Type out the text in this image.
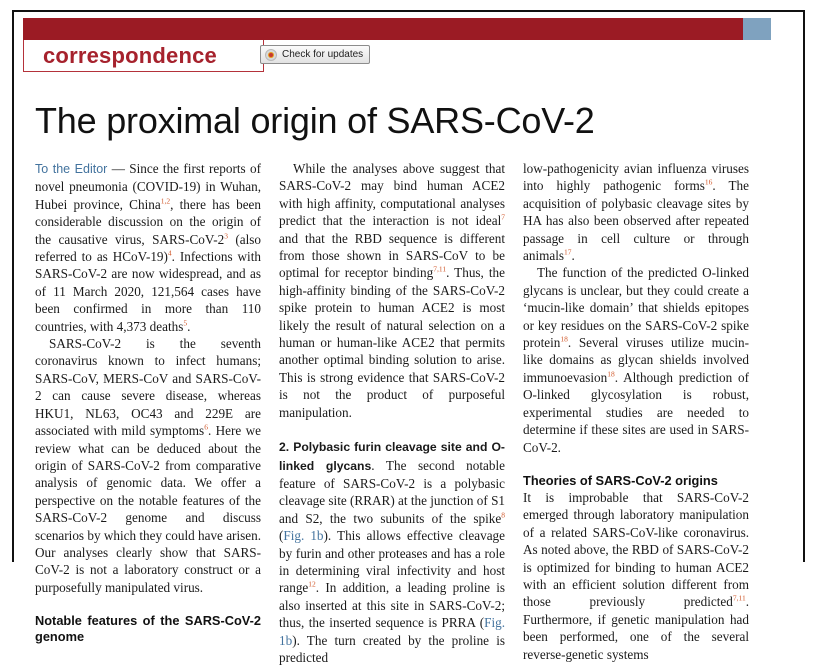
correspondence	Check for updates
The proximal origin of SARS-CoV-2

To the Editor — Since the first reports of novel pneumonia (COVID-19) in Wuhan, Hubei province, China$^{1,2}$, there has been considerable discussion on the origin of the causative virus, SARS-$CoV-2^3$ (also referred to as HCoV-19)$^4$. Infections with SARS-CoV-2 are now widespread, and as of 11 March 2020, 121,564 cases have been confirmed in more than 110 countries, with 4,373 deaths$^5$.

SARS-CoV-2 is the seventh coronavirus known to infect humans; SARS-CoV, MERS-CoV and SARS-CoV-2 can cause severe disease, whereas HKU1, NL63, OC43 and 229E are associated with mild symptoms$^6$. Here we review what can be deduced about the origin of SARS-CoV-2 from comparative analysis of genomic data. We offer a perspective on the notable features of the SARS-CoV-2 genome and discuss scenarios by which they could have arisen. Our analyses clearly show that SARS-CoV-2 is not a laboratory construct or a purposefully manipulated virus.

Notable features of the SARS-CoV-2 genome

While the analyses above suggest that SARS-CoV-2 may bind human ACE2 with high affinity, computational analyses predict that the interaction is not ideal$^7$ and that the RBD sequence is different from those shown in SARS-CoV to be optimal for receptor binding$^{7,11}$. Thus, the high-affinity binding of the SARS-CoV-2 spike protein to human ACE2 is most likely the result of natural selection on a human or human-like ACE2 that permits another optimal binding solution to arise. This is strong evidence that SARS-CoV-2 is not the product of purposeful manipulation.

2. Polybasic furin cleavage site and O-linked glycans. The second notable feature of SARS-CoV-2 is a polybasic cleavage site (RRAR) at the junction of S1 and S2, the two subunits of the spike$^8$ (Fig. 1b). This allows effective cleavage by furin and other proteases and has a role in determining viral infectivity and host range$^{12}$. In addition, a leading proline is also inserted at this site in SARS-CoV-2; thus, the inserted sequence is PRRA (Fig. 1b). The turn created by the proline is predicted

low-pathogenicity avian influenza viruses into highly pathogenic forms$^{16}$. The acquisition of polybasic cleavage sites by HA has also been observed after repeated passage in cell culture or through animals$^{17}$.

The function of the predicted O-linked glycans is unclear, but they could create a ‘mucin-like domain’ that shields epitopes or key residues on the SARS-CoV-2 spike protein$^{18}$. Several viruses utilize mucin-like domains as glycan shields involved immunoevasion$^{18}$. Although prediction of O-linked glycosylation is robust, experimental studies are needed to determine if these sites are used in SARS-CoV-2.

Theories of SARS-CoV-2 origins

It is improbable that SARS-CoV-2 emerged through laboratory manipulation of a related SARS-CoV-like coronavirus. As noted above, the RBD of SARS-CoV-2 is optimized for binding to human ACE2 with an efficient solution different from those previously predicted$^{7,11}$. Furthermore, if genetic manipulation had been performed, one of the several reverse-genetic systems
